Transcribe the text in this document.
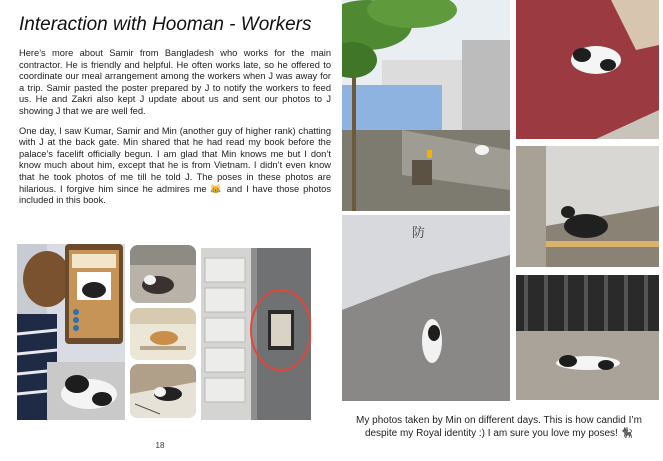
Interaction with Hooman - Workers

Here’s more about Samir from Bangladesh who works for the main contractor. He is friendly and helpful. He often works late, so he offered to coordinate our meal arrangement among the workers when J was away for a trip. Samir pasted the poster prepared by J to notify the workers to feed us. He and Zakri also kept J update about us and sent our photos to J showing J that we are well fed.

One day, I saw Kumar, Samir and Min (another guy of higher rank) chatting with J at the back gate. Min shared that he had read my book before the palace’s facelift officially begun. I am glad that Min knows me but I don’t know much about him, except that he is from Vietnam. I didn’t even know that he took photos of me till he told J. The poses in these photos are hilarious. I forgive him since he admires me 😹 and I have those photos included in this book.

18
防
My photos taken by Min on different days. This is how candid I’m despite my Royal identity :) I am sure you love my poses! 🐈‍⬛
